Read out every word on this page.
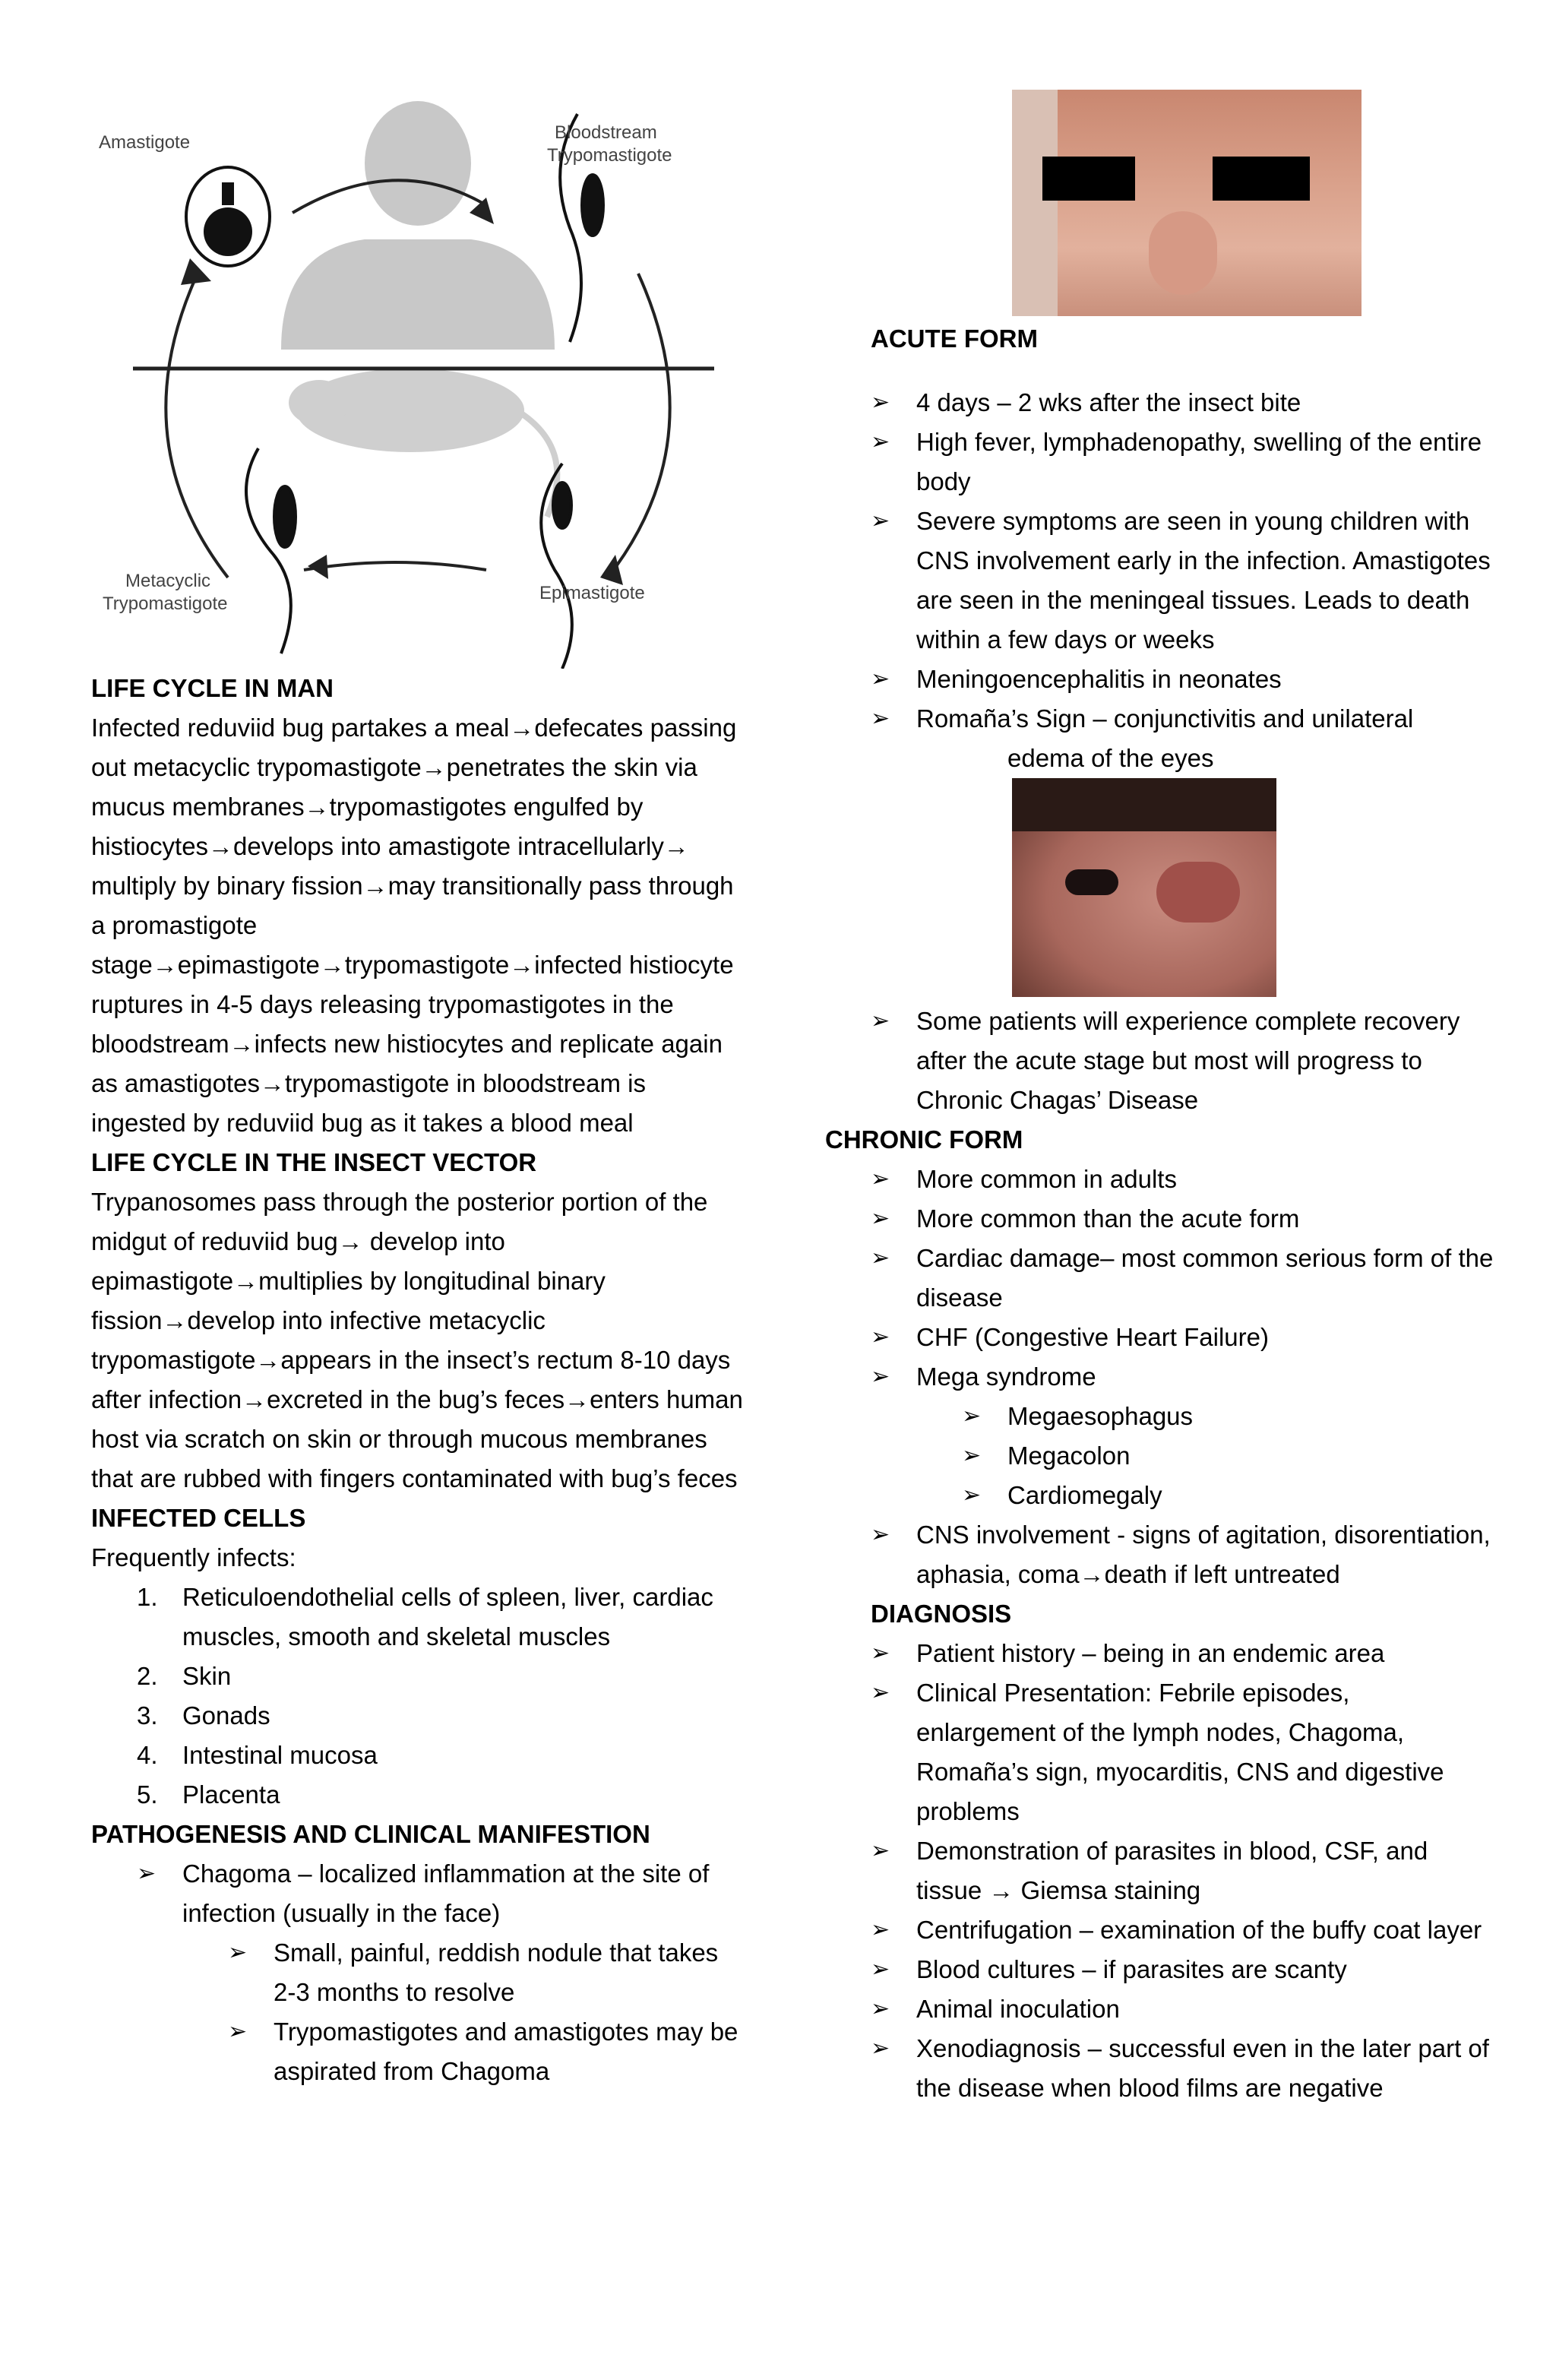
Amastigote	Bloodstream
Trypomastigote
Metacyclic
Trypomastigote
Epimastigote

LIFE CYCLE IN MAN

Infected reduviid bug partakes a meal→defecates passing out metacyclic trypomastigote→penetrates the skin via mucus membranes→trypomastigotes engulfed by histiocytes→develops into amastigote intracellularly→ multiply by binary fission→may transitionally pass through a promastigote stage→epimastigote→trypomastigote→infected histiocyte ruptures in 4-5 days releasing trypomastigotes in the bloodstream→infects new histiocytes and replicate again as amastigotes→trypomastigote in bloodstream is ingested by reduviid bug as it takes a blood meal

LIFE CYCLE IN THE INSECT VECTOR

Trypanosomes pass through the posterior portion of the midgut of reduviid bug→ develop into epimastigote→multiplies by longitudinal binary fission→develop into infective metacyclic trypomastigote→appears in the insect’s rectum 8-10 days after infection→excreted in the bug’s feces→enters human host via scratch on skin or through mucous membranes that are rubbed with fingers contaminated with bug’s feces

INFECTED CELLS

Frequently infects:

1. Reticuloendothelial cells of spleen, liver, cardiac muscles, smooth and skeletal muscles
2. Skin
3. Gonads
4. Intestinal mucosa
5. Placenta

PATHOGENESIS AND CLINICAL MANIFESTION

➢ Chagoma – localized inflammation at the site of infection (usually in the face)
➢ Small, painful, reddish nodule that takes 2-3 months to resolve
➢ Trypomastigotes and amastigotes may be aspirated from Chagoma

ACUTE FORM

➢ 4 days – 2 wks after the insect bite
➢ High fever, lymphadenopathy, swelling of the entire body
➢ Severe symptoms are seen in young children with CNS involvement early in the infection. Amastigotes are seen in the meningeal tissues. Leads to death within a few days or weeks
➢ Meningoencephalitis in neonates
➢ Romaña’s Sign – conjunctivitis and unilateral

edema of the eyes

➢ Some patients will experience complete recovery after the acute stage but most will progress to Chronic Chagas’ Disease

CHRONIC FORM

➢ More common in adults
➢ More common than the acute form
➢ Cardiac damage– most common serious form of the disease
➢ CHF (Congestive Heart Failure)
➢ Mega syndrome
➢ Megaesophagus
➢ Megacolon
➢ Cardiomegaly
➢ CNS involvement - signs of agitation, disorentiation, aphasia, coma→death if left untreated

DIAGNOSIS

➢ Patient history – being in an endemic area
➢ Clinical Presentation: Febrile episodes, enlargement of the lymph nodes, Chagoma, Romaña’s sign, myocarditis, CNS and digestive problems
➢ Demonstration of parasites in blood, CSF, and tissue → Giemsa staining
➢ Centrifugation – examination of the buffy coat layer
➢ Blood cultures – if parasites are scanty
➢ Animal inoculation
➢ Xenodiagnosis – successful even in the later part of the disease when blood films are negative
